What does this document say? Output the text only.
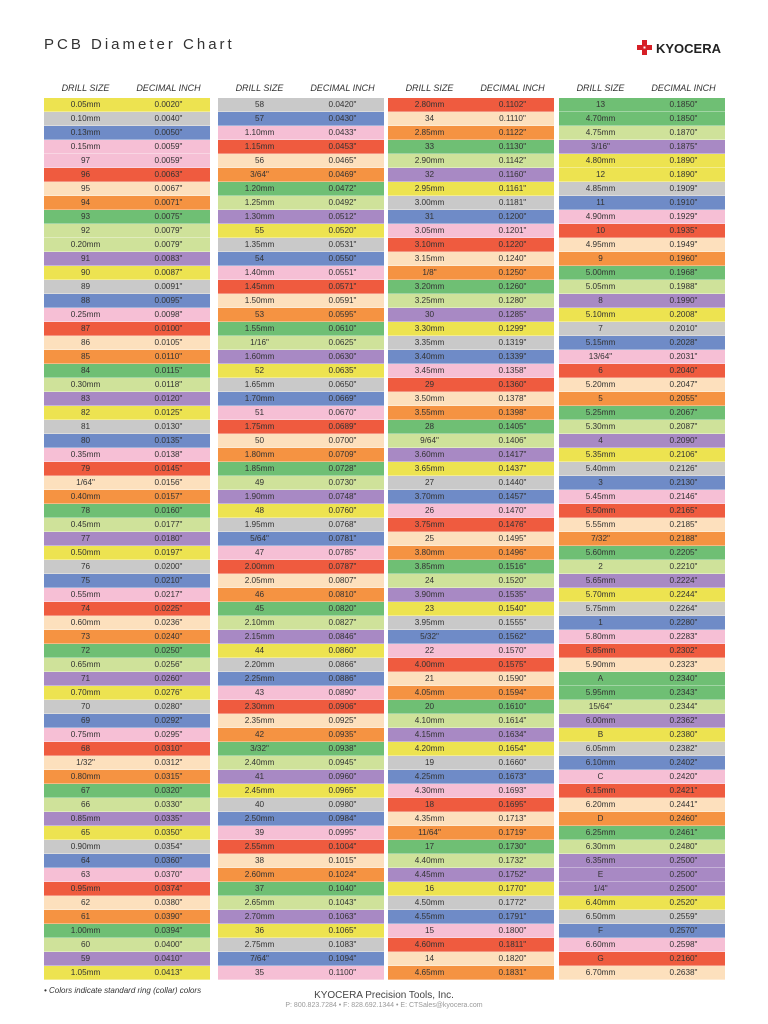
PCB Diameter Chart	KYOCERA
DRILL SIZE	DECIMAL INCH
0.05mm	0.0020"
0.10mm	0.0040"
0.13mm	0.0050"
0.15mm	0.0059"
97	0.0059"
96	0.0063"
95	0.0067"
94	0.0071"
93	0.0075"
92	0.0079"
0.20mm	0.0079"
91	0.0083"
90	0.0087"
89	0.0091"
88	0.0095"
0.25mm	0.0098"
87	0.0100"
86	0.0105"
85	0.0110"
84	0.0115"
0.30mm	0.0118"
83	0.0120"
82	0.0125"
81	0.0130"
80	0.0135"
0.35mm	0.0138"
79	0.0145"
1/64"	0.0156"
0.40mm	0.0157"
78	0.0160"
0.45mm	0.0177"
77	0.0180"
0.50mm	0.0197"
76	0.0200"
75	0.0210"
0.55mm	0.0217"
74	0.0225"
0.60mm	0.0236"
73	0.0240"
72	0.0250"
0.65mm	0.0256"
71	0.0260"
0.70mm	0.0276"
70	0.0280"
69	0.0292"
0.75mm	0.0295"
68	0.0310"
1/32"	0.0312"
0.80mm	0.0315"
67	0.0320"
66	0.0330"
0.85mm	0.0335"
65	0.0350"
0.90mm	0.0354"
64	0.0360"
63	0.0370"
0.95mm	0.0374"
62	0.0380"
61	0.0390"
1.00mm	0.0394"
60	0.0400"
59	0.0410"
1.05mm	0.0413"
DRILL SIZE	DECIMAL INCH
58	0.0420"
57	0.0430"
1.10mm	0.0433"
1.15mm	0.0453"
56	0.0465"
3/64"	0.0469"
1.20mm	0.0472"
1.25mm	0.0492"
1.30mm	0.0512"
55	0.0520"
1.35mm	0.0531"
54	0.0550"
1.40mm	0.0551"
1.45mm	0.0571"
1.50mm	0.0591"
53	0.0595"
1.55mm	0.0610"
1/16"	0.0625"
1.60mm	0.0630"
52	0.0635"
1.65mm	0.0650"
1.70mm	0.0669"
51	0.0670"
1.75mm	0.0689"
50	0.0700"
1.80mm	0.0709"
1.85mm	0.0728"
49	0.0730"
1.90mm	0.0748"
48	0.0760"
1.95mm	0.0768"
5/64"	0.0781"
47	0.0785"
2.00mm	0.0787"
2.05mm	0.0807"
46	0.0810"
45	0.0820"
2.10mm	0.0827"
2.15mm	0.0846"
44	0.0860"
2.20mm	0.0866"
2.25mm	0.0886"
43	0.0890"
2.30mm	0.0906"
2.35mm	0.0925"
42	0.0935"
3/32"	0.0938"
2.40mm	0.0945"
41	0.0960"
2.45mm	0.0965"
40	0.0980"
2.50mm	0.0984"
39	0.0995"
2.55mm	0.1004"
38	0.1015"
2.60mm	0.1024"
37	0.1040"
2.65mm	0.1043"
2.70mm	0.1063"
36	0.1065"
2.75mm	0.1083"
7/64"	0.1094"
35	0.1100"
DRILL SIZE	DECIMAL INCH
2.80mm	0.1102"
34	0.1110"
2.85mm	0.1122"
33	0.1130"
2.90mm	0.1142"
32	0.1160"
2.95mm	0.1161"
3.00mm	0.1181"
31	0.1200"
3.05mm	0.1201"
3.10mm	0.1220"
3.15mm	0.1240"
1/8"	0.1250"
3.20mm	0.1260"
3.25mm	0.1280"
30	0.1285"
3.30mm	0.1299"
3.35mm	0.1319"
3.40mm	0.1339"
3.45mm	0.1358"
29	0.1360"
3.50mm	0.1378"
3.55mm	0.1398"
28	0.1405"
9/64"	0.1406"
3.60mm	0.1417"
3.65mm	0.1437"
27	0.1440"
3.70mm	0.1457"
26	0.1470"
3.75mm	0.1476"
25	0.1495"
3.80mm	0.1496"
3.85mm	0.1516"
24	0.1520"
3.90mm	0.1535"
23	0.1540"
3.95mm	0.1555"
5/32"	0.1562"
22	0.1570"
4.00mm	0.1575"
21	0.1590"
4.05mm	0.1594"
20	0.1610"
4.10mm	0.1614"
4.15mm	0.1634"
4.20mm	0.1654"
19	0.1660"
4.25mm	0.1673"
4.30mm	0.1693"
18	0.1695"
4.35mm	0.1713"
11/64"	0.1719"
17	0.1730"
4.40mm	0.1732"
4.45mm	0.1752"
16	0.1770"
4.50mm	0.1772"
4.55mm	0.1791"
15	0.1800"
4.60mm	0.1811"
14	0.1820"
4.65mm	0.1831"
DRILL SIZE	DECIMAL INCH
13	0.1850"
4.70mm	0.1850"
4.75mm	0.1870"
3/16"	0.1875"
4.80mm	0.1890"
12	0.1890"
4.85mm	0.1909"
11	0.1910"
4.90mm	0.1929"
10	0.1935"
4.95mm	0.1949"
9	0.1960"
5.00mm	0.1968"
5.05mm	0.1988"
8	0.1990"
5.10mm	0.2008"
7	0.2010"
5.15mm	0.2028"
13/64"	0.2031"
6	0.2040"
5.20mm	0.2047"
5	0.2055"
5.25mm	0.2067"
5.30mm	0.2087"
4	0.2090"
5.35mm	0.2106"
5.40mm	0.2126"
3	0.2130"
5.45mm	0.2146"
5.50mm	0.2165"
5.55mm	0.2185"
7/32"	0.2188"
5.60mm	0.2205"
2	0.2210"
5.65mm	0.2224"
5.70mm	0.2244"
5.75mm	0.2264"
1	0.2280"
5.80mm	0.2283"
5.85mm	0.2302"
5.90mm	0.2323"
A	0.2340"
5.95mm	0.2343"
15/64"	0.2344"
6.00mm	0.2362"
B	0.2380"
6.05mm	0.2382"
6.10mm	0.2402"
C	0.2420"
6.15mm	0.2421"
6.20mm	0.2441"
D	0.2460"
6.25mm	0.2461"
6.30mm	0.2480"
6.35mm	0.2500"
E	0.2500"
1/4"	0.2500"
6.40mm	0.2520"
6.50mm	0.2559"
F	0.2570"
6.60mm	0.2598"
G	0.2160"
6.70mm	0.2638"
• Colors indicate standard ring (collar) colors	KYOCERA Precision Tools, Inc.
P: 800.823.7284 • F: 828.692.1344 • E: CTSales@kyocera.com
